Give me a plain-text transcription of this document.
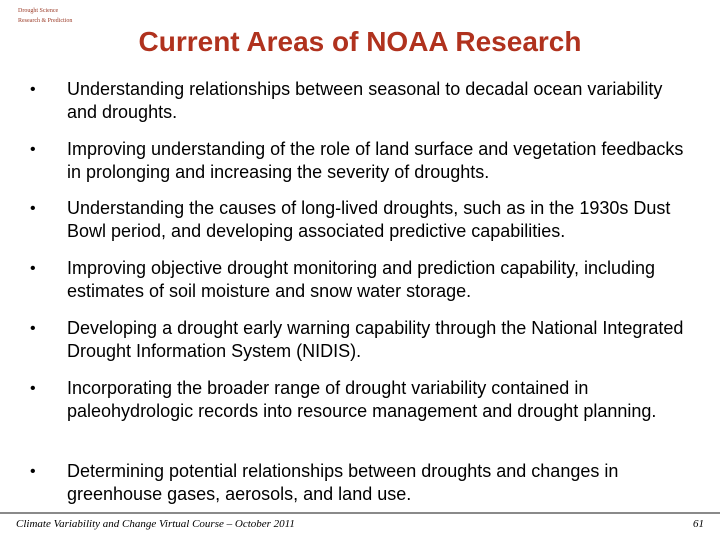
Drought Science
Research & Prediction
Current Areas of NOAA Research
• Understanding relationships between seasonal to decadal ocean variability and droughts.
• Improving understanding of the role of land surface and vegetation feedbacks in prolonging and increasing the severity of droughts.
• Understanding the causes of long-lived droughts, such as in the 1930s Dust Bowl period, and developing associated predictive capabilities.
• Improving objective drought monitoring and prediction capability, including estimates of soil moisture and snow water storage.
• Developing a drought early warning capability through the National Integrated Drought Information System (NIDIS).
• Incorporating the broader range of drought variability contained in paleohydrologic records into resource management and drought planning.
• Determining potential relationships between droughts and changes in greenhouse gases, aerosols, and land use.
Climate Variability and Change Virtual Course – October 2011	61
